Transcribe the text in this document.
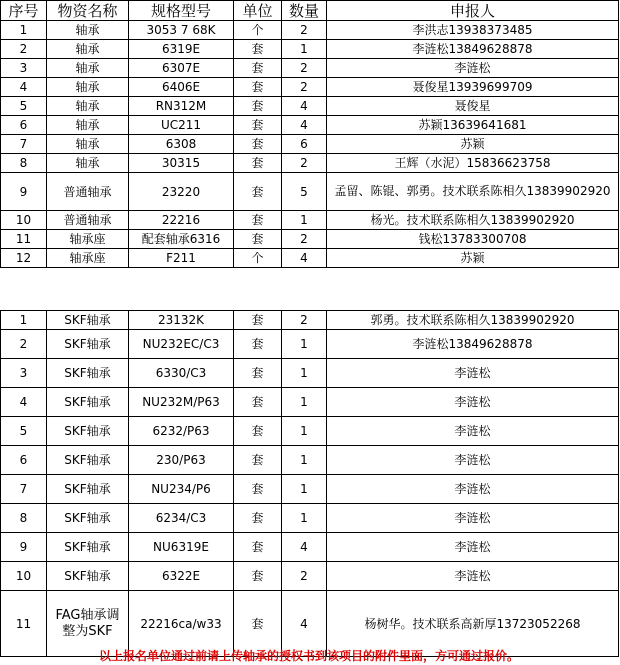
序号	物资名称	规格型号	单位	数量	申报人
1	轴承	3053 7 68K	个	2	李洪志13938373485
2	轴承	6319E	套	1	李涟松13849628878
3	轴承	6307E	套	2	李涟松
4	轴承	6406E	套	2	聂俊星13939699709
5	轴承	RN312M	套	4	聂俊星
6	轴承	UC211	套	4	苏颖13639641681
7	轴承	6308	套	6	苏颖
8	轴承	30315	套	2	王辉（水泥）15836623758
9	普通轴承	23220	套	5	孟留、陈锟、郭勇。技术联系陈相久13839902920
10	普通轴承	22216	套	1	杨光。技术联系陈相久13839902920
11	轴承座	配套轴承6316	套	2	钱松13783300708
12	轴承座	F211	个	4	苏颖

1	SKF轴承	23132K	套	2	郭勇。技术联系陈相久13839902920
2	SKF轴承	NU232EC/C3	套	1	李涟松13849628878
3	SKF轴承	6330/C3	套	1	李涟松
4	SKF轴承	NU232M/P63	套	1	李涟松
5	SKF轴承	6232/P63	套	1	李涟松
6	SKF轴承	230/P63	套	1	李涟松
7	SKF轴承	NU234/P6	套	1	李涟松
8	SKF轴承	6234/C3	套	1	李涟松
9	SKF轴承	NU6319E	套	4	李涟松
10	SKF轴承	6322E	套	2	李涟松
11	FAG轴承调整为SKF	22216ca/w33	套	4	杨树华。技术联系高新厚13723052268
以上报名单位通过前请上传轴承的授权书到该项目的附件里面，方可通过报价。
